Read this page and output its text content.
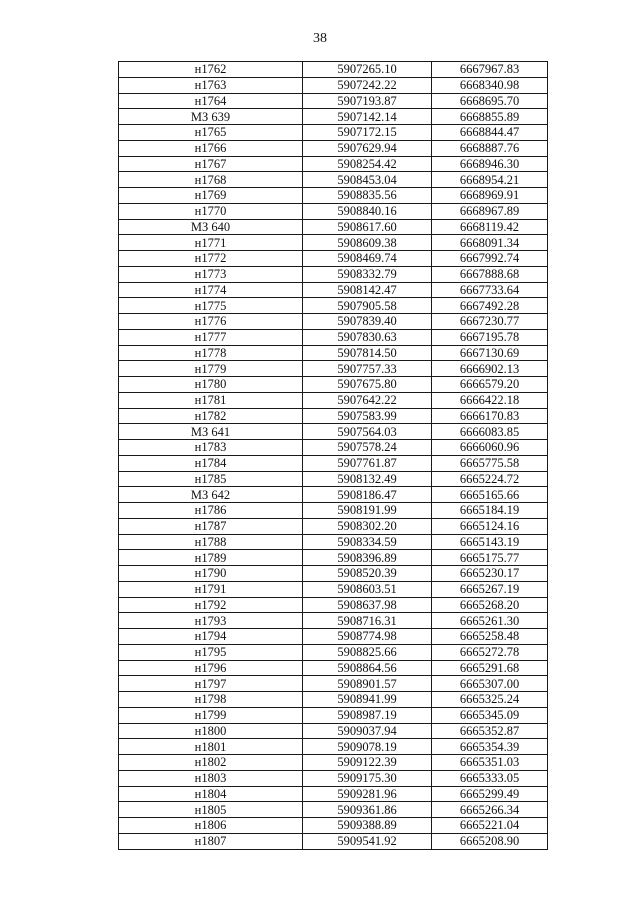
38
н1762	5907265.10	6667967.83
н1763	5907242.22	6668340.98
н1764	5907193.87	6668695.70
МЗ 639	5907142.14	6668855.89
н1765	5907172.15	6668844.47
н1766	5907629.94	6668887.76
н1767	5908254.42	6668946.30
н1768	5908453.04	6668954.21
н1769	5908835.56	6668969.91
н1770	5908840.16	6668967.89
МЗ 640	5908617.60	6668119.42
н1771	5908609.38	6668091.34
н1772	5908469.74	6667992.74
н1773	5908332.79	6667888.68
н1774	5908142.47	6667733.64
н1775	5907905.58	6667492.28
н1776	5907839.40	6667230.77
н1777	5907830.63	6667195.78
н1778	5907814.50	6667130.69
н1779	5907757.33	6666902.13
н1780	5907675.80	6666579.20
н1781	5907642.22	6666422.18
н1782	5907583.99	6666170.83
МЗ 641	5907564.03	6666083.85
н1783	5907578.24	6666060.96
н1784	5907761.87	6665775.58
н1785	5908132.49	6665224.72
МЗ 642	5908186.47	6665165.66
н1786	5908191.99	6665184.19
н1787	5908302.20	6665124.16
н1788	5908334.59	6665143.19
н1789	5908396.89	6665175.77
н1790	5908520.39	6665230.17
н1791	5908603.51	6665267.19
н1792	5908637.98	6665268.20
н1793	5908716.31	6665261.30
н1794	5908774.98	6665258.48
н1795	5908825.66	6665272.78
н1796	5908864.56	6665291.68
н1797	5908901.57	6665307.00
н1798	5908941.99	6665325.24
н1799	5908987.19	6665345.09
н1800	5909037.94	6665352.87
н1801	5909078.19	6665354.39
н1802	5909122.39	6665351.03
н1803	5909175.30	6665333.05
н1804	5909281.96	6665299.49
н1805	5909361.86	6665266.34
н1806	5909388.89	6665221.04
н1807	5909541.92	6665208.90
